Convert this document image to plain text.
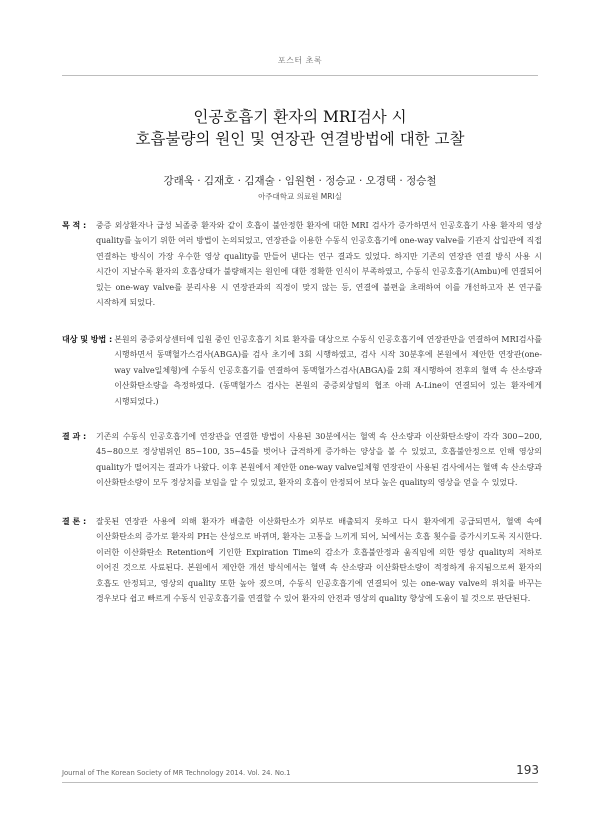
포스터 초록
인공호흡기 환자의 MRI검사 시
호흡불량의 원인 및 연장관 연결방법에 대한 고찰
강래욱 · 김재호 · 김재술 · 임원현 · 정승교 · 오경택 · 정승철
아주대학교 의료원 MRI실
목 적 :	중증 외상환자나 급성 뇌졸중 환자와 같이 호흡이 불안정한 환자에 대한 MRI 검사가 증가하면서 인공호흡기 사용 환자의 영상 quality를 높이기 위한 여러 방법이 논의되었고, 연장관을 이용한 수동식 인공호흡기에 one-way valve를 기관지 삽입관에 직접 연결하는 방식이 가장 우수한 영상 quality를 만들어 낸다는 연구 결과도 있었다. 하지만 기존의 연장관 연결 방식 사용 시 시간이 지날수록 환자의 호흡상태가 불량해지는 원인에 대한 정확한 인식이 부족하였고, 수동식 인공호흡기(Ambu)에 연결되어 있는 one-way valve를 분리사용 시 연장관과의 직경이 맞지 않는 등, 연결에 불편을 초래하여 이를 개선하고자 본 연구를 시작하게 되었다.
대상 및 방법 : 본원의 중증외상센터에 입원 중인 인공호흡기 치료 환자를 대상으로 수동식 인공호흡기에 연장관만을 연결하여 MRI검사를 시행하면서 동맥혈가스검사(ABGA)를 검사 초기에 3회 시행하였고, 검사 시작 30분후에 본원에서 제안한 연장관(one-way valve일체형)에 수동식 인공호흡기를 연결하여 동맥혈가스검사(ABGA)를 2회 재시행하여 전후의 혈액 속 산소량과 이산화탄소량을 측정하였다. (동맥혈가스 검사는 본원의 중증외상팀의 협조 아래 A-Line이 연결되어 있는 환자에게 시행되었다.)
결 과 :	기존의 수동식 인공호흡기에 연장관을 연결한 방법이 사용된 30분에서는 혈액 속 산소량과 이산화탄소량이 각각 300~200, 45~80으로 정상범위인 85~100, 35~45를 벗어나 급격하게 증가하는 양상을 볼 수 있었고, 호흡불안정으로 인해 영상의 quality가 떨어지는 결과가 나왔다. 이후 본원에서 제안한 one-way valve일체형 연장관이 사용된 검사에서는 혈액 속 산소량과 이산화탄소량이 모두 정상치를 보임을 알 수 있었고, 환자의 호흡이 안정되어 보다 높은 quality의 영상을 얻을 수 있었다.
결 론 :	잘못된 연장관 사용에 의해 환자가 배출한 이산화탄소가 외부로 배출되지 못하고 다시 환자에게 공급되면서, 혈액 속에 이산화탄소의 증가로 환자의 PH는 산성으로 바뀌며, 환자는 고통을 느끼게 되어, 뇌에서는 호흡 횟수를 증가시키도록 지시한다. 이러한 이산화탄소 Retention에 기인한 Expiration Time의 감소가 호흡불안정과 움직임에 의한 영상 quality의 저하로 이어진 것으로 사료된다. 본원에서 제안한 개선 방식에서는 혈액 속 산소량과 이산화탄소량이 적정하게 유지됨으로써 환자의 호흡도 안정되고, 영상의 quality 또한 높아 졌으며, 수동식 인공호흡기에 연결되어 있는 one-way valve의 위치를 바꾸는 경우보다 쉽고 빠르게 수동식 인공호흡기를 연결할 수 있어 환자의 안전과 영상의 quality 향상에 도움이 될 것으로 판단된다.
Journal of The Korean Society of MR Technology 2014. Vol. 24. No.1	193
